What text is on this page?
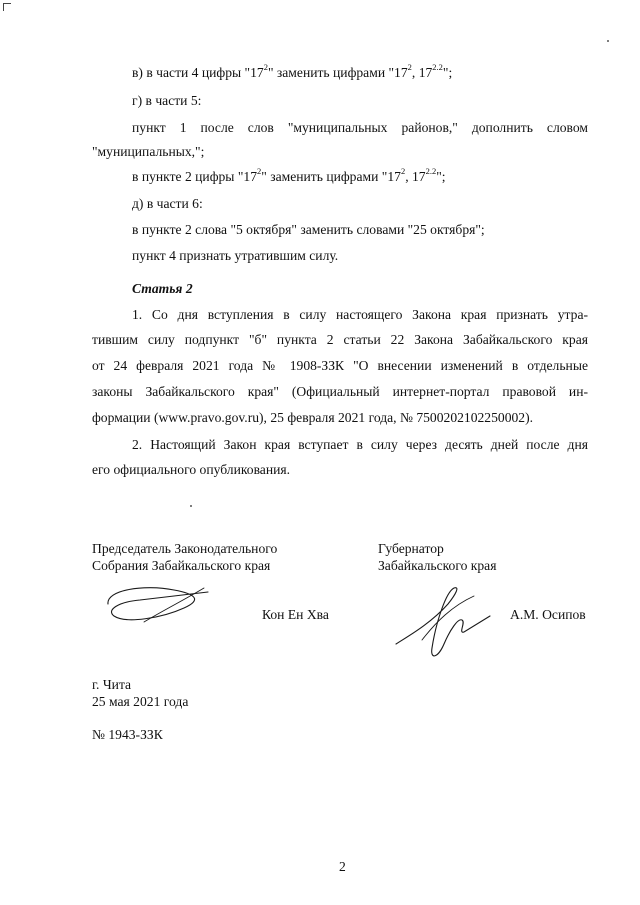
в) в части 4 цифры "$17^2$" заменить цифрами "$17^2$, $17^{2.2}$";
г) в части 5:
пункт 1 после слов "муниципальных районов," дополнить словом
"муниципальных,";
в пункте 2 цифры "$17^2$" заменить цифрами "$17^2$, $17^{2.2}$";
д) в части 6:
в пункте 2 слова "5 октября" заменить словами "25 октября";
пункт 4 признать утратившим силу.
Статья 2
1. Со дня вступления в силу настоящего Закона края признать утра-
тившим силу подпункт "б" пункта 2 статьи 22 Закона Забайкальского края
от 24 февраля 2021 года № 1908-ЗЗК "О внесении изменений в отдельные
законы Забайкальского края" (Официальный интернет-портал правовой ин-
формации (www.pravo.gov.ru), 25 февраля 2021 года, № 7500202102250002).
2. Настоящий Закон края вступает в силу через десять дней после дня
его официального опубликования.
Председатель Законодательного
Собрания Забайкальского края
Губернатор
Забайкальского края
Кон Ен Хва	А.М. Осипов
г. Чита
25 мая 2021 года
№ 1943-ЗЗК
2
